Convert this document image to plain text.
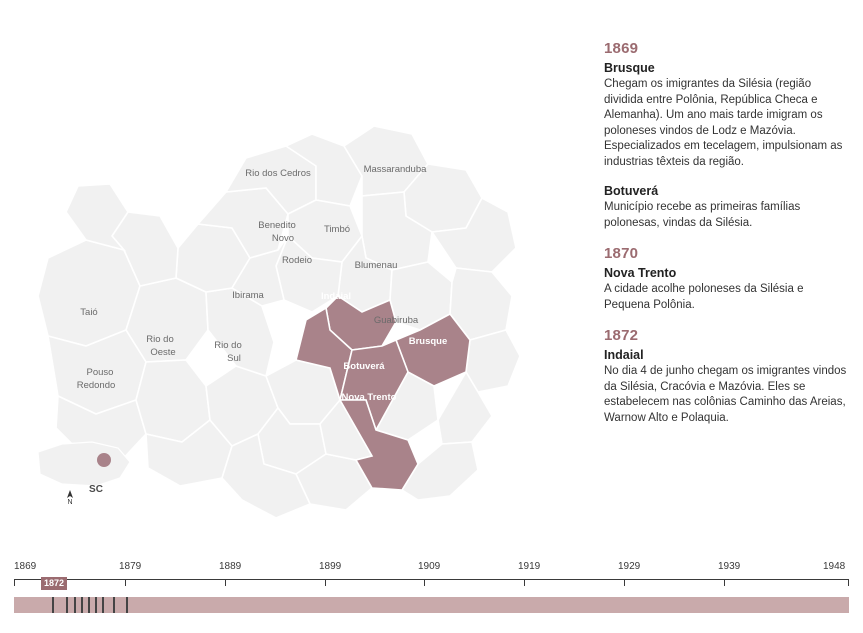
Rio dos Cedros	Massaranduba
Benedito
Novo
Timbó
Rodeio	Blumenau
Ibirama
Taió
Rio do
Oeste
Rio do
Sul
Pouso
Redondo
Guabiruba
Indaial
Brusque
Botuverá
Nova Trento
SC
N
1869
Brusque

Chegam os imigrantes da Silésia (região dividida entre Polônia, República Checa e Alemanha). Um ano mais tarde imigram os poloneses vindos de Lodz e Mazóvia. Especializados em tecelagem, impulsionam as industrias têxteis da região.

Botuverá

Município recebe as primeiras famílias polonesas, vindas da Silésia.

1870
Nova Trento

A cidade acolhe poloneses da Silésia e Pequena Polônia.

1872
Indaial

No dia 4 de junho chegam os imigrantes vindos da Silésia, Cracóvia e Mazóvia. Eles se estabelecem nas colônias Caminho das Areias, Warnow Alto e Polaquia.

1869	1879	1889	1899	1909	1919	1929	1939	1948
1872
